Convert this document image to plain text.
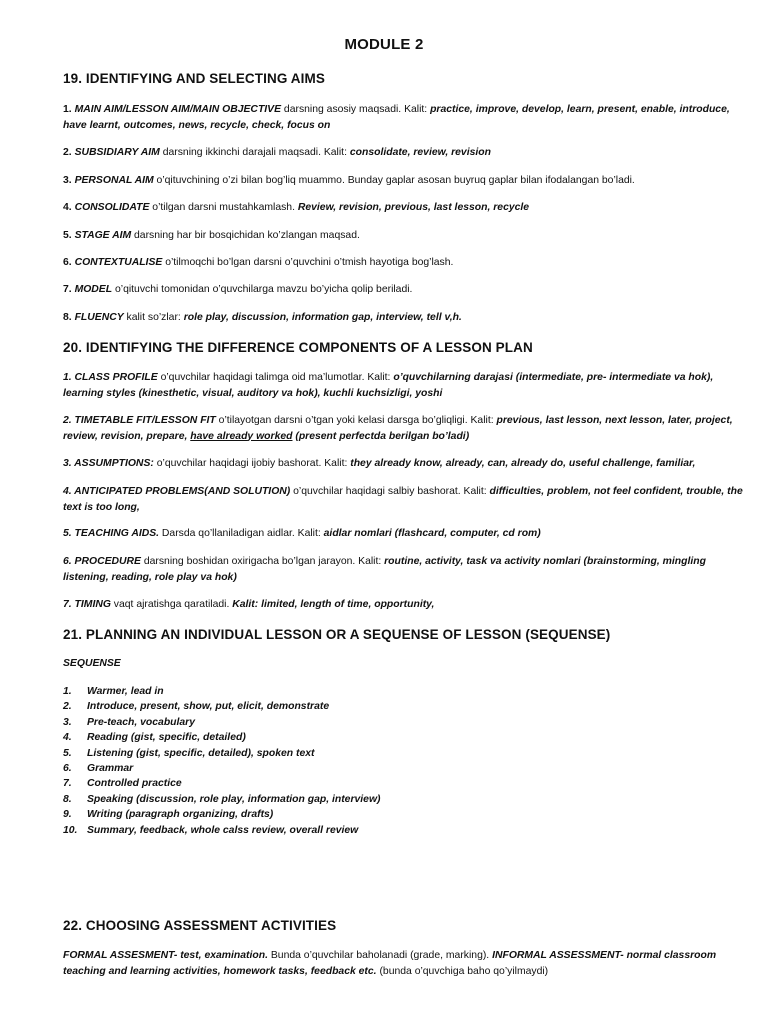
MODULE 2
19. IDENTIFYING AND SELECTING AIMS
1. MAIN AIM/LESSON AIM/MAIN OBJECTIVE darsning asosiy maqsadi. Kalit: practice, improve, develop, learn, present, enable, introduce, have learnt, outcomes, news, recycle, check, focus on
2. SUBSIDIARY AIM darsning ikkinchi darajali maqsadi. Kalit: consolidate, review, revision
3. PERSONAL AIM o’qituvchining o’zi bilan bog’liq muammo. Bunday gaplar asosan buyruq gaplar bilan ifodalangan bo’ladi.
4. CONSOLIDATE o’tilgan darsni mustahkamlash. Review, revision, previous, last lesson, recycle
5. STAGE AIM darsning har bir bosqichidan ko’zlangan maqsad.
6. CONTEXTUALISE o’tilmoqchi bo’lgan darsni o’quvchini o’tmish hayotiga bog’lash.
7. MODEL o’qituvchi tomonidan o’quvchilarga mavzu bo’yicha qolip beriladi.
8. FLUENCY kalit so’zlar: role play, discussion, information gap, interview, tell v,h.
20. IDENTIFYING THE DIFFERENCE COMPONENTS OF A LESSON PLAN
1. CLASS PROFILE o’quvchilar haqidagi talimga oid ma’lumotlar. Kalit: o’quvchilarning darajasi (intermediate, pre- intermediate va hok), learning styles (kinesthetic, visual, auditory va hok), kuchli kuchsizligi, yoshi
2. TIMETABLE FIT/LESSON FIT o’tilayotgan darsni o’tgan yoki kelasi darsga bo’gliqligi. Kalit: previous, last lesson, next lesson, later, project, review, revision, prepare, have already worked (present perfectda berilgan bo’ladi)
3. ASSUMPTIONS: o’quvchilar haqidagi ijobiy bashorat. Kalit: they already know, already, can, already do, useful challenge, familiar,
4. ANTICIPATED PROBLEMS(AND SOLUTION) o’quvchilar haqidagi salbiy bashorat. Kalit: difficulties, problem, not feel confident, trouble, the text is too long,
5. TEACHING AIDS. Darsda qo’llaniladigan aidlar. Kalit: aidlar nomlari (flashcard, computer, cd rom)
6. PROCEDURE darsning boshidan oxirigacha bo’lgan jarayon. Kalit: routine, activity, task va activity nomlari (brainstorming, mingling listening, reading, role play va hok)
7. TIMING vaqt ajratishga qaratiladi. Kalit: limited, length of time, opportunity,
21. PLANNING AN INDIVIDUAL LESSON OR A SEQUENSE OF LESSON (SEQUENSE)
SEQUENSE
1. Warmer, lead in
2. Introduce, present, show, put, elicit, demonstrate
3. Pre-teach, vocabulary
4. Reading (gist, specific, detailed)
5. Listening (gist, specific, detailed), spoken text
6. Grammar
7. Controlled practice
8. Speaking (discussion, role play, information gap, interview)
9. Writing (paragraph organizing, drafts)
10. Summary, feedback, whole calss review, overall review
22. CHOOSING ASSESSMENT ACTIVITIES
FORMAL ASSESMENT- test, examination. Bunda o’quvchilar baholanadi (grade, marking). INFORMAL ASSESSMENT- normal classroom teaching and learning activities, homework tasks, feedback etc. (bunda o’quvchiga baho qo’yilmaydi)
